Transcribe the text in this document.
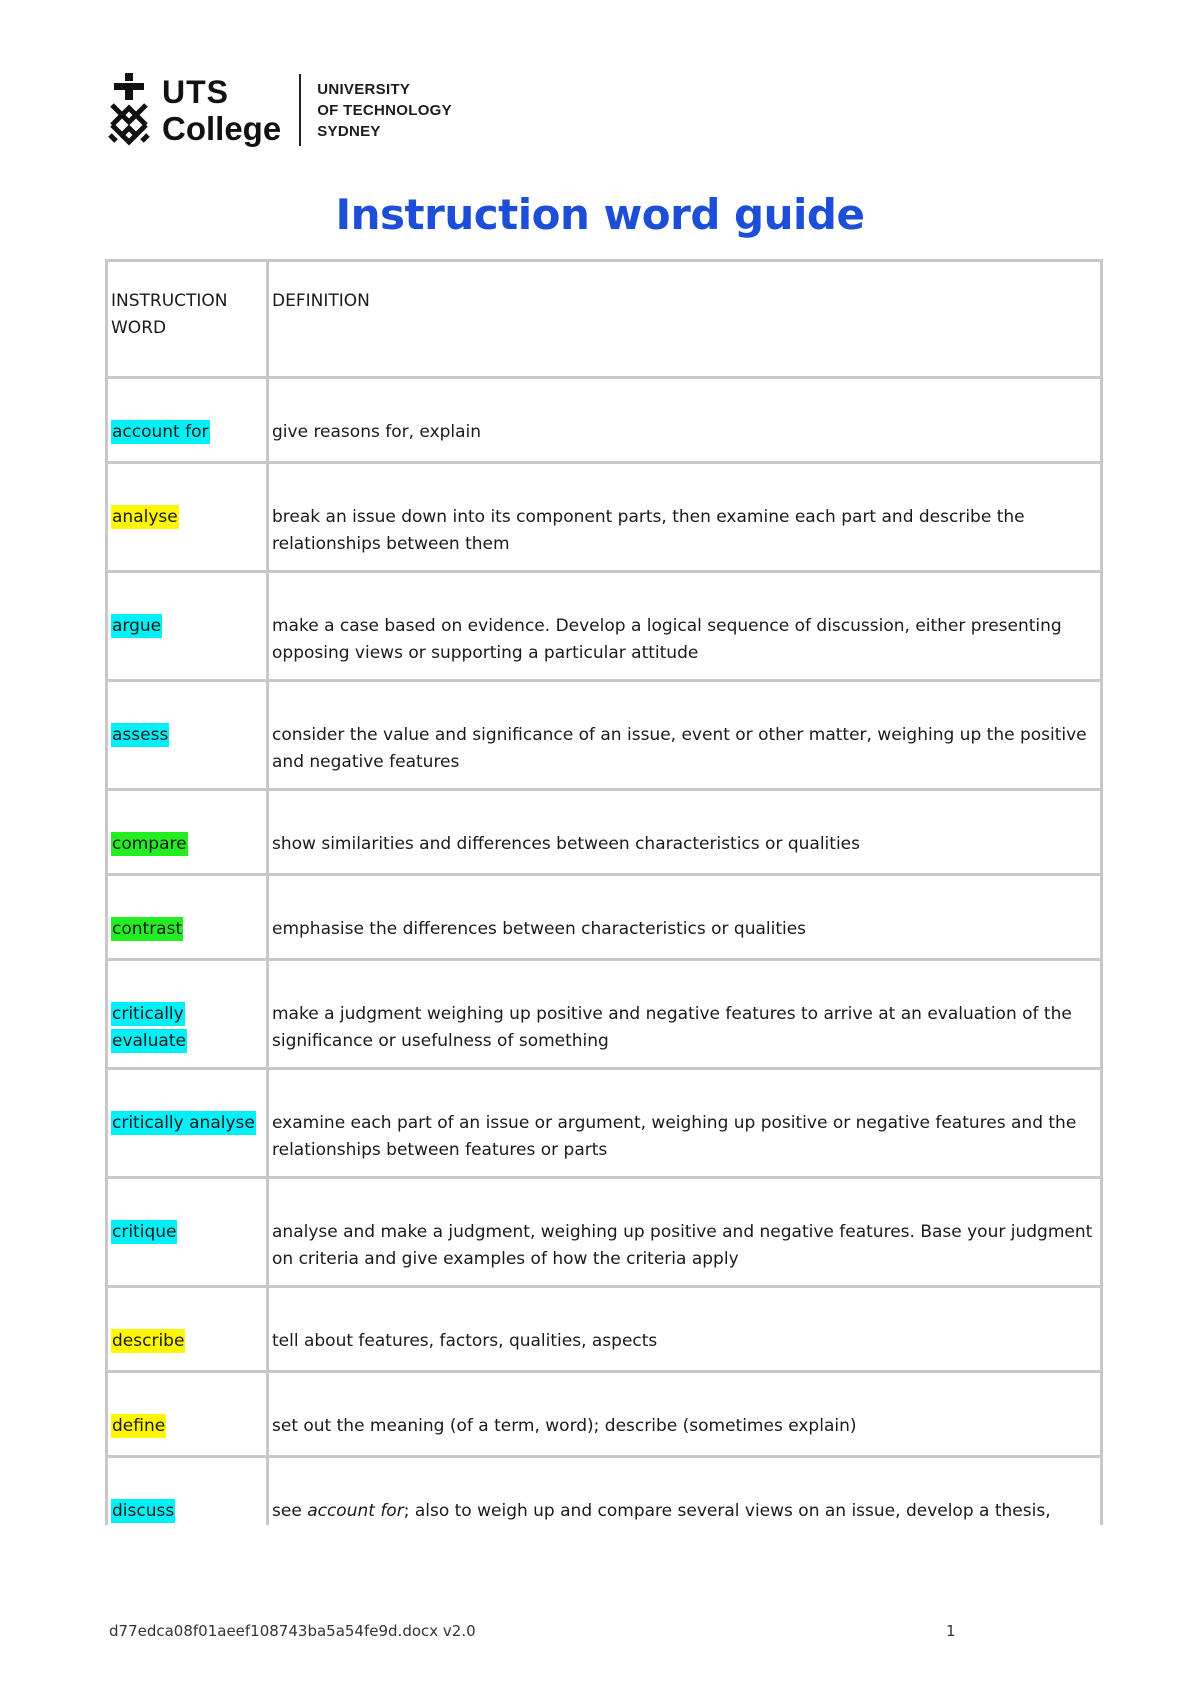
UTS
College
UNIVERSITY
OF TECHNOLOGY
SYDNEY
Instruction word guide
INSTRUCTION WORD	DEFINITION
account for	give reasons for, explain
analyse	break an issue down into its component parts, then examine each part and describe the relationships between them
argue	make a case based on evidence. Develop a logical sequence of discussion, either presenting opposing views or supporting a particular attitude
assess	consider the value and significance of an issue, event or other matter, weighing up the positive and negative features
compare	show similarities and differences between characteristics or qualities
contrast	emphasise the differences between characteristics or qualities
critically evaluate	make a judgment weighing up positive and negative features to arrive at an evaluation of the significance or usefulness of something
critically analyse	examine each part of an issue or argument, weighing up positive or negative features and the relationships between features or parts
critique	analyse and make a judgment, weighing up positive and negative features. Base your judgment on criteria and give examples of how the criteria apply
describe	tell about features, factors, qualities, aspects
define	set out the meaning (of a term, word); describe (sometimes explain)
discuss	see account for; also to weigh up and compare several views on an issue, develop a thesis,
d77edca08f01aeef108743ba5a54fe9d.docx v2.0	1
